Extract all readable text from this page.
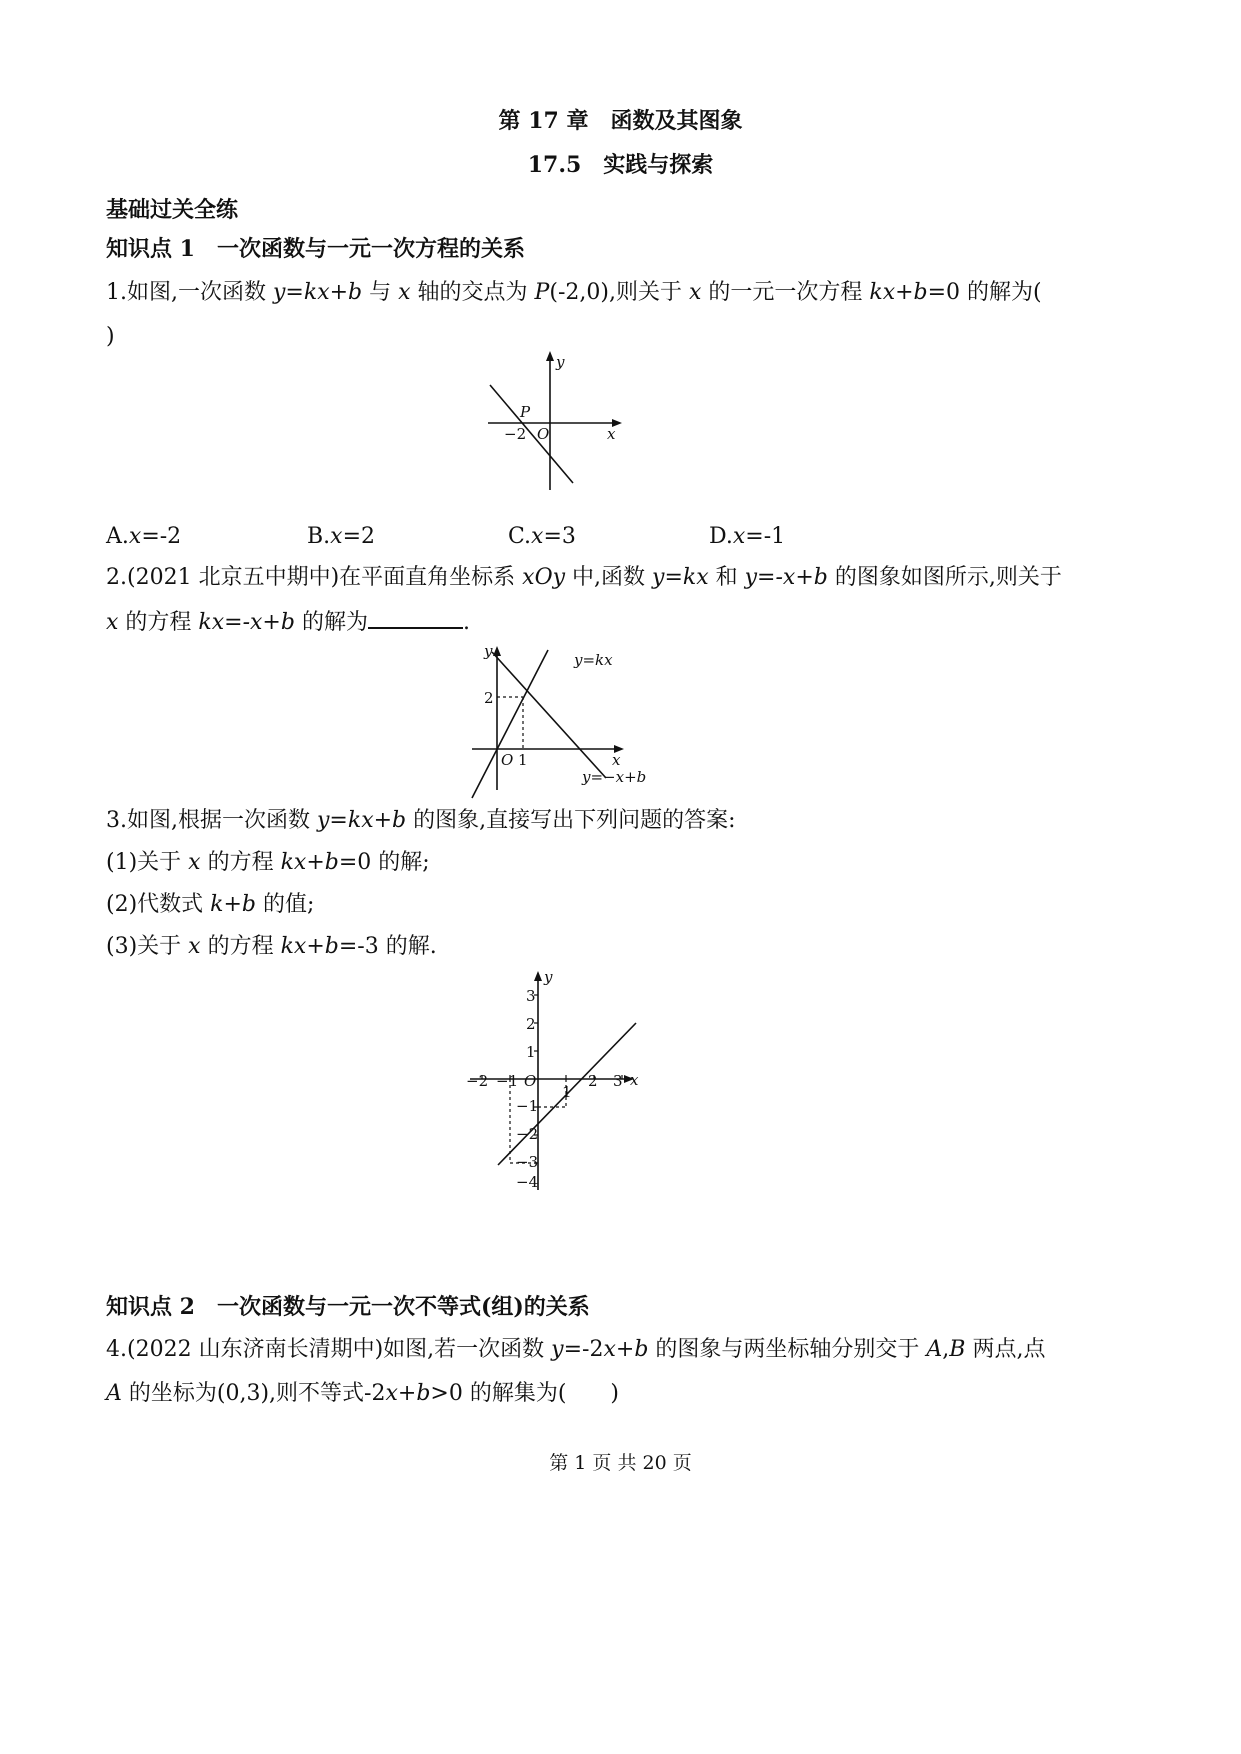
第 17 章　函数及其图象
17.5　实践与探索
基础过关全练
知识点 1　一次函数与一元一次方程的关系
1.如图,一次函数 y=kx+b 与 x 轴的交点为 P(-2,0),则关于 x 的一元一次方程 kx+b=0 的解为(
)
y
x
P
−2 O
A.x=-2	B.x=2	C.x=3	D.x=-1
2.(2021 北京五中期中)在平面直角坐标系 xOy 中,函数 y=kx 和 y=-x+b 的图象如图所示,则关于
x 的方程 kx=-x+b 的解为	.
y
x
y=kx
y=−x+b
2
O 1
3.如图,根据一次函数 y=kx+b 的图象,直接写出下列问题的答案:
(1)关于 x 的方程 kx+b=0 的解;
(2)代数式 k+b 的值;
(3)关于 x 的方程 kx+b=-3 的解.
y
x
O
3
2
1
−1
−2
−3
−4
−2 −1
1
2 3
知识点 2　一次函数与一元一次不等式(组)的关系
4.(2022 山东济南长清期中)如图,若一次函数 y=-2x+b 的图象与两坐标轴分别交于 A,B 两点,点
A 的坐标为(0,3),则不等式-2x+b>0 的解集为(　　)
第 1 页 共 20 页
